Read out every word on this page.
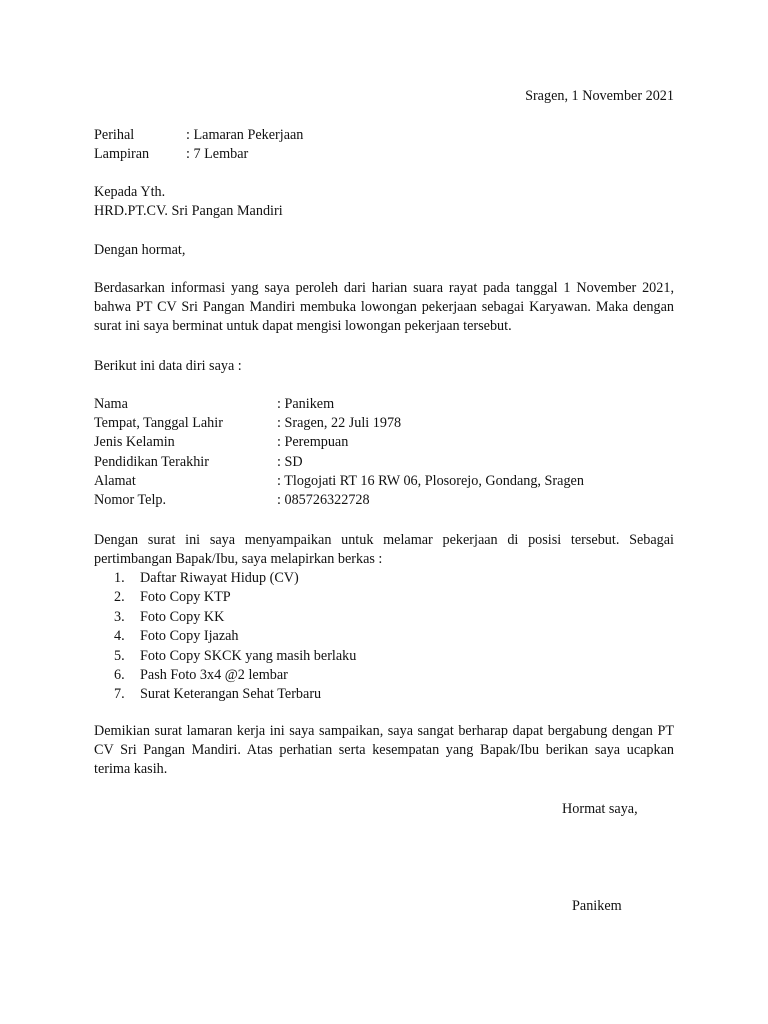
Sragen, 1 November 2021
Perihal	: Lamaran Pekerjaan
Lampiran	: 7 Lembar
Kepada Yth.
HRD.PT.CV. Sri Pangan Mandiri
Dengan hormat,
Berdasarkan informasi yang saya peroleh dari harian suara rayat pada tanggal 1 November 2021, bahwa PT CV Sri Pangan Mandiri membuka lowongan pekerjaan sebagai Karyawan. Maka dengan surat ini saya berminat untuk dapat mengisi lowongan pekerjaan tersebut.
Berikut ini data diri saya :
Nama	: Panikem
Tempat, Tanggal Lahir	: Sragen, 22 Juli 1978
Jenis Kelamin	: Perempuan
Pendidikan Terakhir	: SD
Alamat	: Tlogojati RT 16 RW 06, Plosorejo, Gondang, Sragen
Nomor Telp.	: 085726322728
Dengan surat ini saya menyampaikan untuk melamar pekerjaan di posisi tersebut. Sebagai pertimbangan Bapak/Ibu, saya melapirkan berkas :
1. Daftar Riwayat Hidup (CV)
2. Foto Copy KTP
3. Foto Copy KK
4. Foto Copy Ijazah
5. Foto Copy SKCK yang masih berlaku
6. Pash Foto 3x4 @2 lembar
7. Surat Keterangan Sehat Terbaru
Demikian surat lamaran kerja ini saya sampaikan, saya sangat berharap dapat bergabung dengan PT CV Sri Pangan Mandiri. Atas perhatian serta kesempatan yang Bapak/Ibu berikan saya ucapkan terima kasih.
Hormat saya,
Panikem
